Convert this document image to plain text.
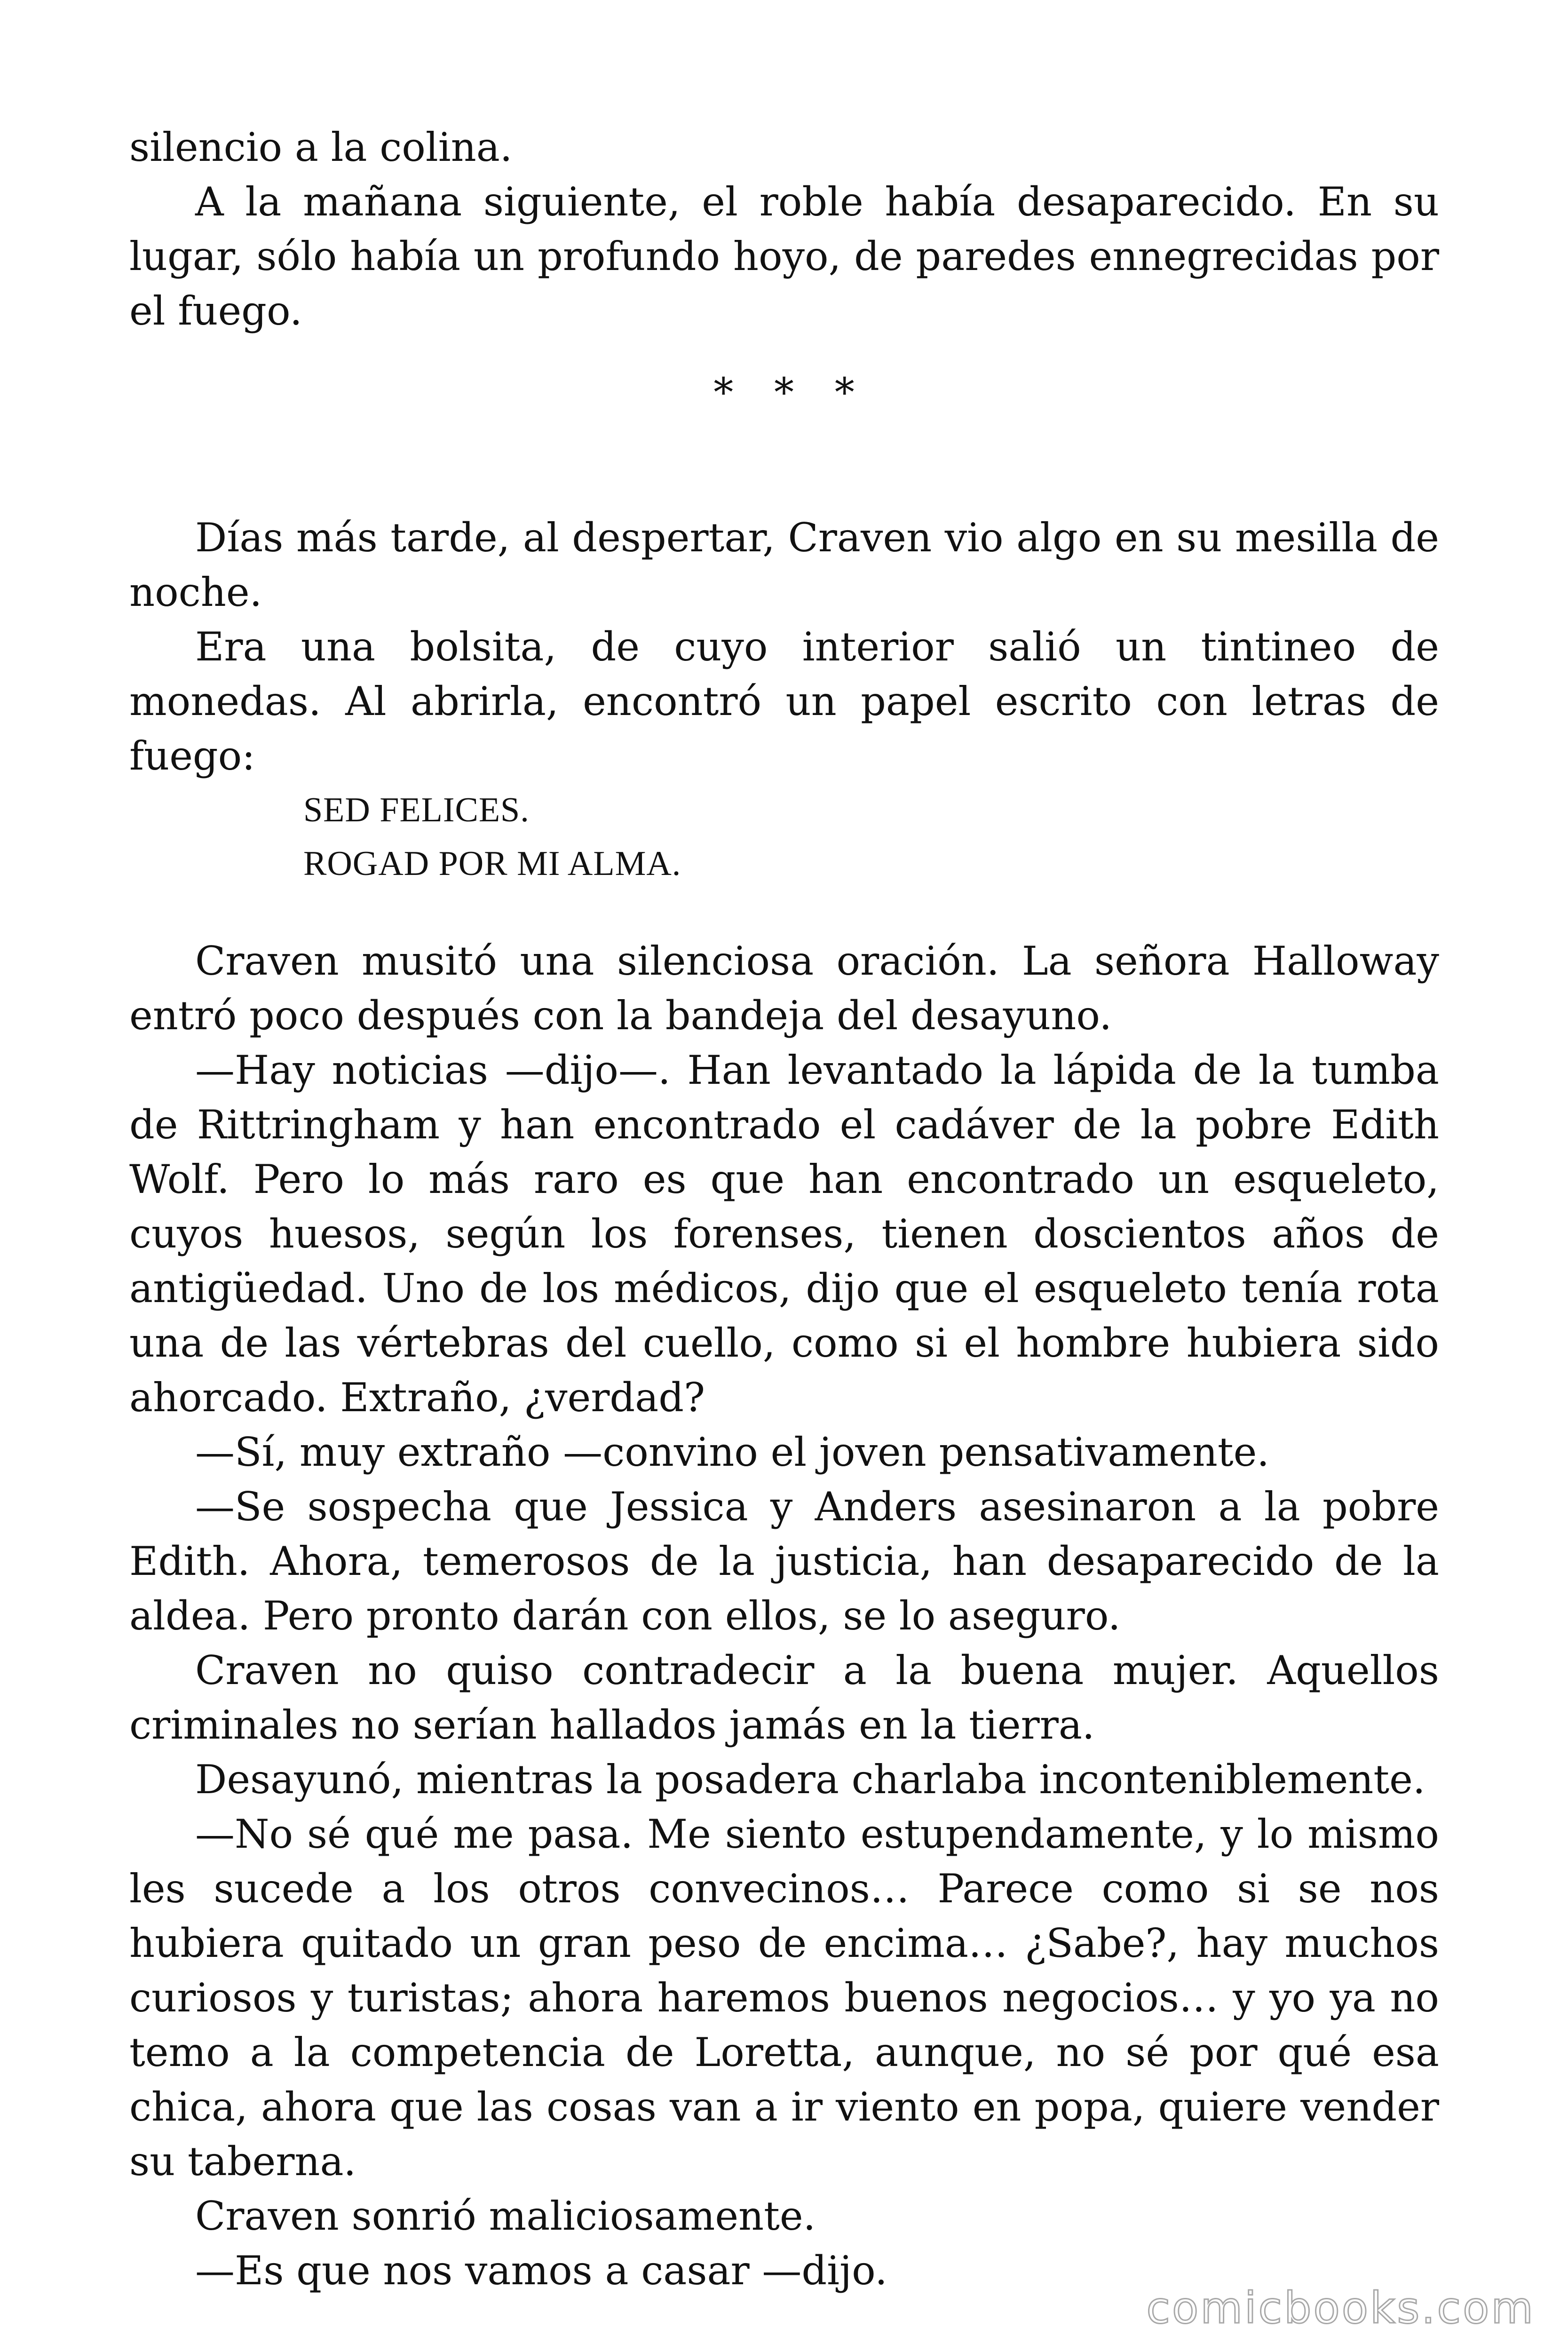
silencio a la colina.

A la mañana siguiente, el roble había desaparecido. En su lugar, sólo había un profundo hoyo, de paredes ennegrecidas por el fuego.

* * *

Días más tarde, al despertar, Craven vio algo en su mesilla de noche.

Era una bolsita, de cuyo interior salió un tintineo de monedas. Al abrirla, encontró un papel escrito con letras de fuego:

SED FELICES.
ROGAD POR MI ALMA.

Craven musitó una silenciosa oración. La señora Halloway entró poco después con la bandeja del desayuno.

—Hay noticias —dijo—. Han levantado la lápida de la tumba de Rittringham y han encontrado el cadáver de la pobre Edith Wolf. Pero lo más raro es que han encontrado un esqueleto, cuyos huesos, según los forenses, tienen doscientos años de antigüedad. Uno de los médicos, dijo que el esqueleto tenía rota una de las vértebras del cuello, como si el hombre hubiera sido ahorcado. Extraño, ¿verdad?

—Sí, muy extraño —convino el joven pensativamente.

—Se sospecha que Jessica y Anders asesinaron a la pobre Edith. Ahora, temerosos de la justicia, han desaparecido de la aldea. Pero pronto darán con ellos, se lo aseguro.

Craven no quiso contradecir a la buena mujer. Aquellos criminales no serían hallados jamás en la tierra.

Desayunó, mientras la posadera charlaba inconteniblemente.

—No sé qué me pasa. Me siento estupendamente, y lo mismo les sucede a los otros convecinos… Parece como si se nos hubiera quitado un gran peso de encima… ¿Sabe?, hay muchos curiosos y turistas; ahora haremos buenos negocios… y yo ya no temo a la competencia de Loretta, aunque, no sé por qué esa chica, ahora que las cosas van a ir viento en popa, quiere vender su taberna.

Craven sonrió maliciosamente.

—Es que nos vamos a casar —dijo.

comicbooks.com
